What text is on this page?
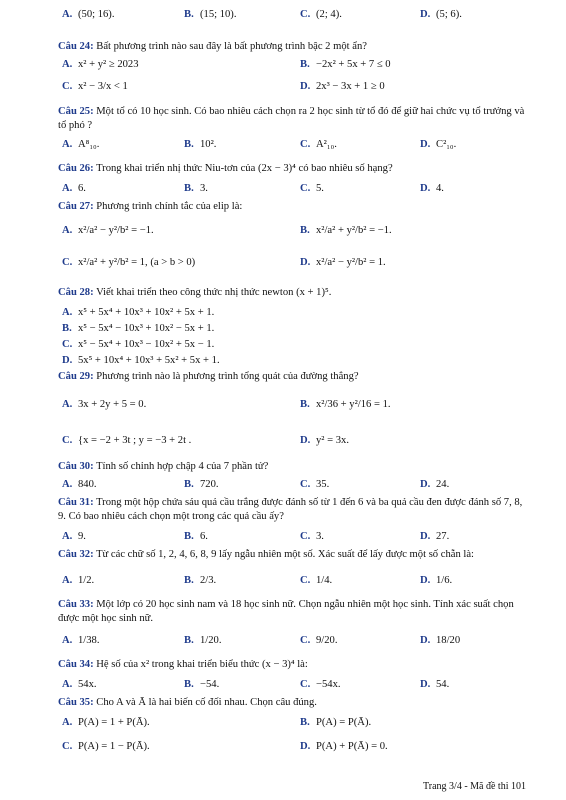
A. (50; 16).	B. (15; 10).	C. (2; 4).	D. (5; 6).
Câu 24: Bất phương trình nào sau đây là bất phương trình bậc 2 một ẩn?
A. x² + y² ≥ 2023	B. −2x² + 5x + 7 ≤ 0
C. x² − 3/x < 1	D. 2x³ − 3x + 1 ≥ 0
Câu 25: Một tổ có 10 học sinh. Có bao nhiêu cách chọn ra 2 học sinh từ tổ đó để giữ hai chức vụ tổ trưởng và tổ phó ?
A. A⁸₁₀.	B. 10².	C. A²₁₀.	D. C²₁₀.
Câu 26: Trong khai triển nhị thức Niu-tơn của (2x − 3)⁴ có bao nhiêu số hạng?
A. 6.	B. 3.	C. 5.	D. 4.
Câu 27: Phương trình chính tắc của elip là:
A. x²/a² − y²/b² = −1.	B. x²/a² + y²/b² = −1.
C. x²/a² + y²/b² = 1, (a > b > 0)	D. x²/a² − y²/b² = 1.
Câu 28: Viết khai triển theo công thức nhị thức newton (x + 1)⁵.
A. x⁵ + 5x⁴ + 10x³ + 10x² + 5x + 1.
B. x⁵ − 5x⁴ − 10x³ + 10x² − 5x + 1.
C. x⁵ − 5x⁴ + 10x³ − 10x² + 5x − 1.
D. 5x⁵ + 10x⁴ + 10x³ + 5x² + 5x + 1.
Câu 29: Phương trình nào là phương trình tổng quát của đường thẳng?
A. 3x + 2y + 5 = 0.	B. x²/36 + y²/16 = 1.
C. {x = −2 + 3t ; y = −3 + 2t .	D. y² = 3x.
Câu 30: Tính số chỉnh hợp chập 4 của 7 phần tử?
A. 840.	B. 720.	C. 35.	D. 24.
Câu 31: Trong một hộp chứa sáu quả cầu trắng được đánh số từ 1 đến 6 và ba quả cầu đen được đánh số 7, 8, 9. Có bao nhiêu cách chọn một trong các quả cầu ấy?
A. 9.	B. 6.	C. 3.	D. 27.
Câu 32: Từ các chữ số 1, 2, 4, 6, 8, 9 lấy ngẫu nhiên một số. Xác suất để lấy được một số chẵn là:
A. 1/2.	B. 2/3.	C. 1/4.	D. 1/6.
Câu 33: Một lớp có 20 học sinh nam và 18 học sinh nữ. Chọn ngẫu nhiên một học sinh. Tính xác suất chọn được một học sinh nữ.
A. 1/38.	B. 1/20.	C. 9/20.	D. 18/20
Câu 34: Hệ số của x² trong khai triển biểu thức (x − 3)⁴ là:
A. 54x.	B. −54.	C. −54x.	D. 54.
Câu 35: Cho A và Ā là hai biến cố đối nhau. Chọn câu đúng.
A. P(A) = 1 + P(Ā).	B. P(A) = P(Ā).
C. P(A) = 1 − P(Ā).	D. P(A) + P(Ā) = 0.
Trang 3/4 - Mã đề thi 101
